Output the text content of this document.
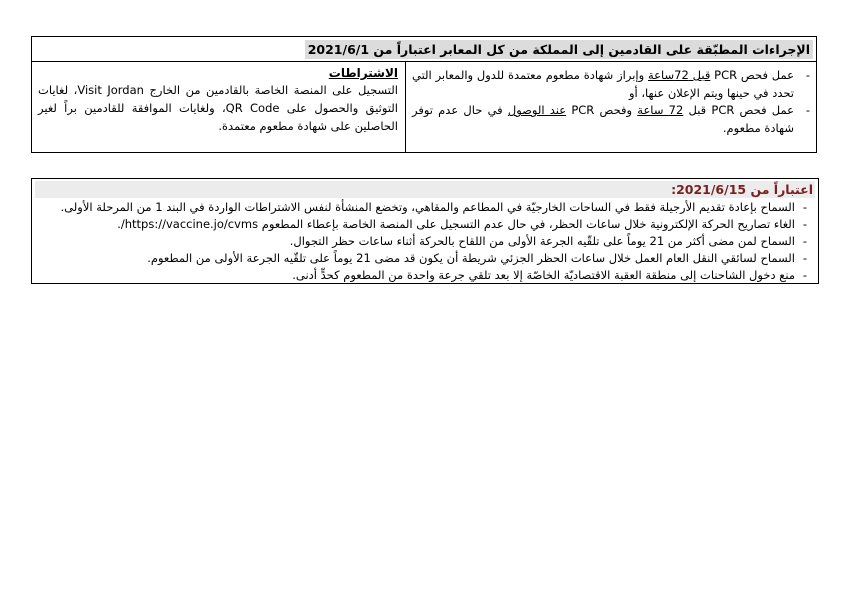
الإجراءات المطبّقة على القادمين إلى المملكة من كل المعابر اعتباراً من 2021/6/1
-
عمل فحص PCR قبل 72ساعة وإبراز شهادة مطعوم معتمدة للدول والمعابر التي تحدد في حينها ويتم الإعلان عنها، أو
-
عمل فحص PCR قبل 72 ساعة وفحص PCR عند الوصول في حال عدم توفر شهادة مطعوم.
الاشتراطات
التسجيل على المنصة الخاصة بالقادمين من الخارج Visit Jordan، لغايات التوثيق والحصول على QR Code، ولغايات الموافقة للقادمين براً لغير الحاصلين على شهادة مطعوم معتمدة.
اعتباراً من 2021/6/15:
-
السماح بإعادة تقديم الأرجيلة فقط في الساحات الخارجيّة في المطاعم والمقاهي، وتخضع المنشأة لنفس الاشتراطات الواردة في البند 1 من المرحلة الأولى.
-
الغاء تصاريح الحركة الإلكترونية خلال ساعات الحظر، في حال عدم التسجيل على المنصة الخاصة بإعطاء المطعوم https://vaccine.jo/cvms/.
-
السماح لمن مضى أكثر من 21 يوماً على تلقّيه الجرعة الأولى من اللقاح بالحركة أثناء ساعات حظر التجوال.
-
السماح لسائقي النقل العام العمل خلال ساعات الحظر الجزئي شريطة أن يكون قد مضى 21 يوماً على تلقّيه الجرعة الأولى من المطعوم.
-
منع دخول الشاحنات إلى منطقة العقبة الاقتصاديّة الخاصّة إلا بعد تلقي جرعة واحدة من المطعوم كحدٍّ أدنى.
